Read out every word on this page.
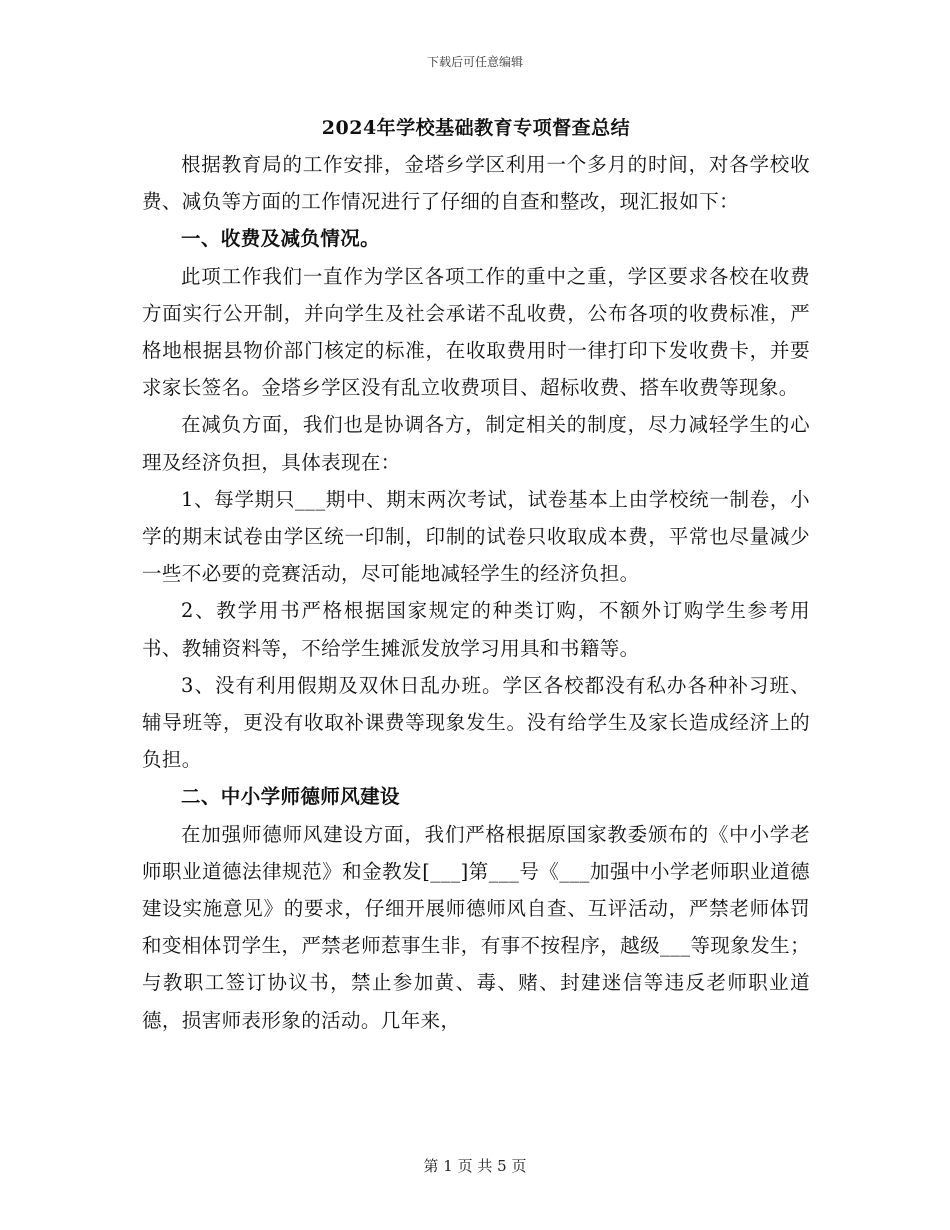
下载后可任意编辑
2024年学校基础教育专项督查总结

根据教育局的工作安排，金塔乡学区利用一个多月的时间，对各学校收费、减负等方面的工作情况进行了仔细的自查和整改，现汇报如下：

一、收费及减负情况。

此项工作我们一直作为学区各项工作的重中之重，学区要求各校在收费方面实行公开制，并向学生及社会承诺不乱收费，公布各项的收费标准，严格地根据县物价部门核定的标准，在收取费用时一律打印下发收费卡，并要求家长签名。金塔乡学区没有乱立收费项目、超标收费、搭车收费等现象。

在减负方面，我们也是协调各方，制定相关的制度，尽力减轻学生的心理及经济负担，具体表现在：

1、每学期只___期中、期末两次考试，试卷基本上由学校统一制卷，小学的期末试卷由学区统一印制，印制的试卷只收取成本费，平常也尽量减少一些不必要的竞赛活动，尽可能地减轻学生的经济负担。

2、教学用书严格根据国家规定的种类订购，不额外订购学生参考用书、教辅资料等，不给学生摊派发放学习用具和书籍等。

3、没有利用假期及双休日乱办班。学区各校都没有私办各种补习班、辅导班等，更没有收取补课费等现象发生。没有给学生及家长造成经济上的负担。

二、中小学师德师风建设

在加强师德师风建设方面，我们严格根据原国家教委颁布的《中小学老师职业道德法律规范》和金教发[___]第___号《___加强中小学老师职业道德建设实施意见》的要求，仔细开展师德师风自查、互评活动，严禁老师体罚和变相体罚学生，严禁老师惹事生非，有事不按程序，越级___等现象发生；与教职工签订协议书，禁止参加黄、毒、赌、封建迷信等违反老师职业道德，损害师表形象的活动。几年来，

第 1 页 共 5 页
